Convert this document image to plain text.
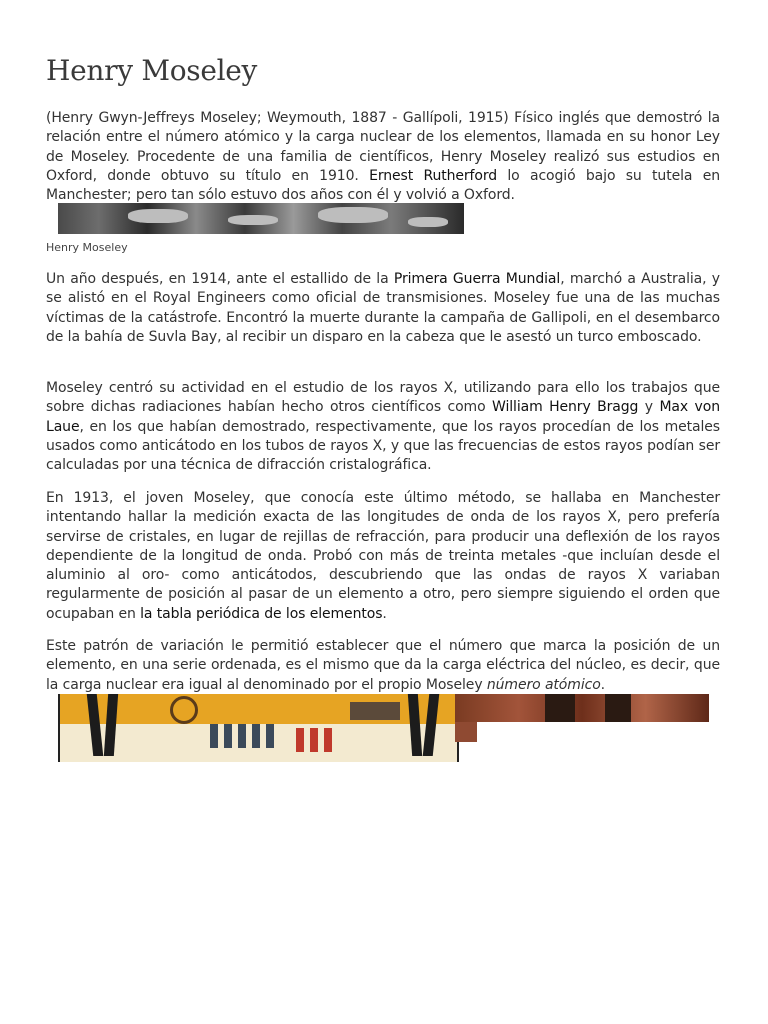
Henry Moseley

(Henry Gwyn-Jeffreys Moseley; Weymouth, 1887 - Gallípoli, 1915) Físico inglés que demostró la relación entre el número atómico y la carga nuclear de los elementos, llamada en su honor Ley de Moseley. Procedente de una familia de científicos, Henry Moseley realizó sus estudios en Oxford, donde obtuvo su título en 1910. Ernest Rutherford lo acogió bajo su tutela en Manchester; pero tan sólo estuvo dos años con él y volvió a Oxford.

Henry Moseley

Un año después, en 1914, ante el estallido de la Primera Guerra Mundial, marchó a Australia, y se alistó en el Royal Engineers como oficial de transmisiones. Moseley fue una de las muchas víctimas de la catástrofe. Encontró la muerte durante la campaña de Gallipoli, en el desembarco de la bahía de Suvla Bay, al recibir un disparo en la cabeza que le asestó un turco emboscado.

Moseley centró su actividad en el estudio de los rayos X, utilizando para ello los trabajos que sobre dichas radiaciones habían hecho otros científicos como William Henry Bragg y Max von Laue, en los que habían demostrado, respectivamente, que los rayos procedían de los metales usados como anticátodo en los tubos de rayos X, y que las frecuencias de estos rayos podían ser calculadas por una técnica de difracción cristalográfica.

En 1913, el joven Moseley, que conocía este último método, se hallaba en Manchester intentando hallar la medición exacta de las longitudes de onda de los rayos X, pero prefería servirse de cristales, en lugar de rejillas de refracción, para producir una deflexión de los rayos dependiente de la longitud de onda. Probó con más de treinta metales -que incluían desde el aluminio al oro- como anticátodos, descubriendo que las ondas de rayos X variaban regularmente de posición al pasar de un elemento a otro, pero siempre siguiendo el orden que ocupaban en la tabla periódica de los elementos.

Este patrón de variación le permitió establecer que el número que marca la posición de un elemento, en una serie ordenada, es el mismo que da la carga eléctrica del núcleo, es decir, que la carga nuclear era igual al denominado por el propio Moseley número atómico.
